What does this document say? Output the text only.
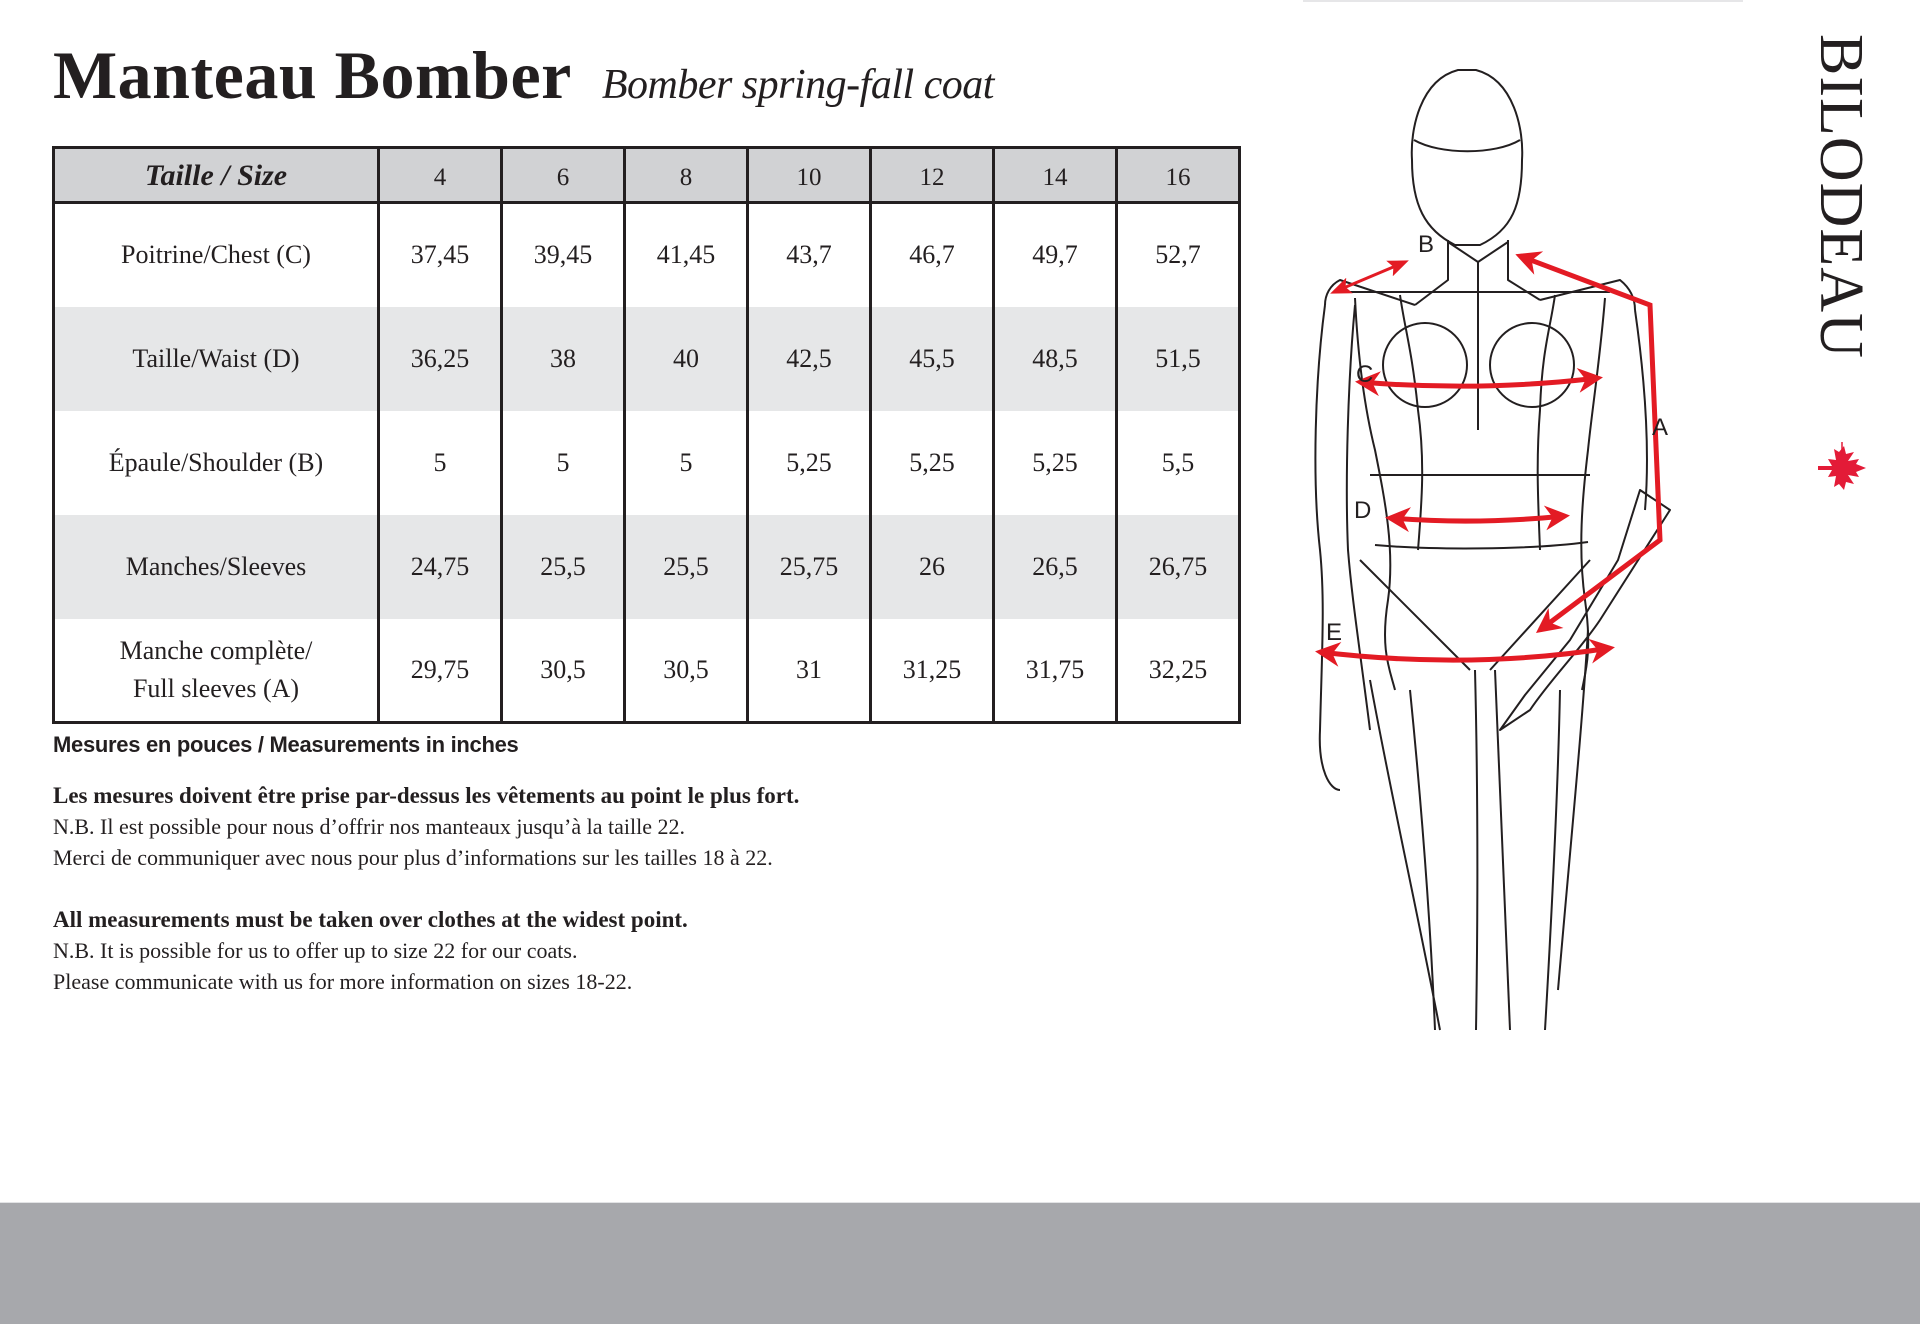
Manteau Bomber Bomber spring-fall coat
Taille / Size	4	6	8	10	12	14	16
Poitrine/Chest (C)	37,45	39,45	41,45	43,7	46,7	49,7	52,7
Taille/Waist (D)	36,25	38	40	42,5	45,5	48,5	51,5
Épaule/Shoulder (B)	5	5	5	5,25	5,25	5,25	5,5
Manches/Sleeves	24,75	25,5	25,5	25,75	26	26,5	26,75

Manche complète/
Full sleeves (A)	29,75	30,5	30,5	31	31,25	31,75	32,25
Mesures en pouces / Measurements in inches
Les mesures doivent être prise par-dessus les vêtements au point le plus fort.
N.B. Il est possible pour nous d’offrir nos manteaux jusqu’à la taille 22.
Merci de communiquer avec nous pour plus d’informations sur les tailles 18 à 22.
All measurements must be taken over clothes at the widest point.
N.B. It is possible for us to offer up to size 22 for our coats.
Please communicate with us for more information on sizes 18-22.
B
A
C
D
E
BILODEAU
